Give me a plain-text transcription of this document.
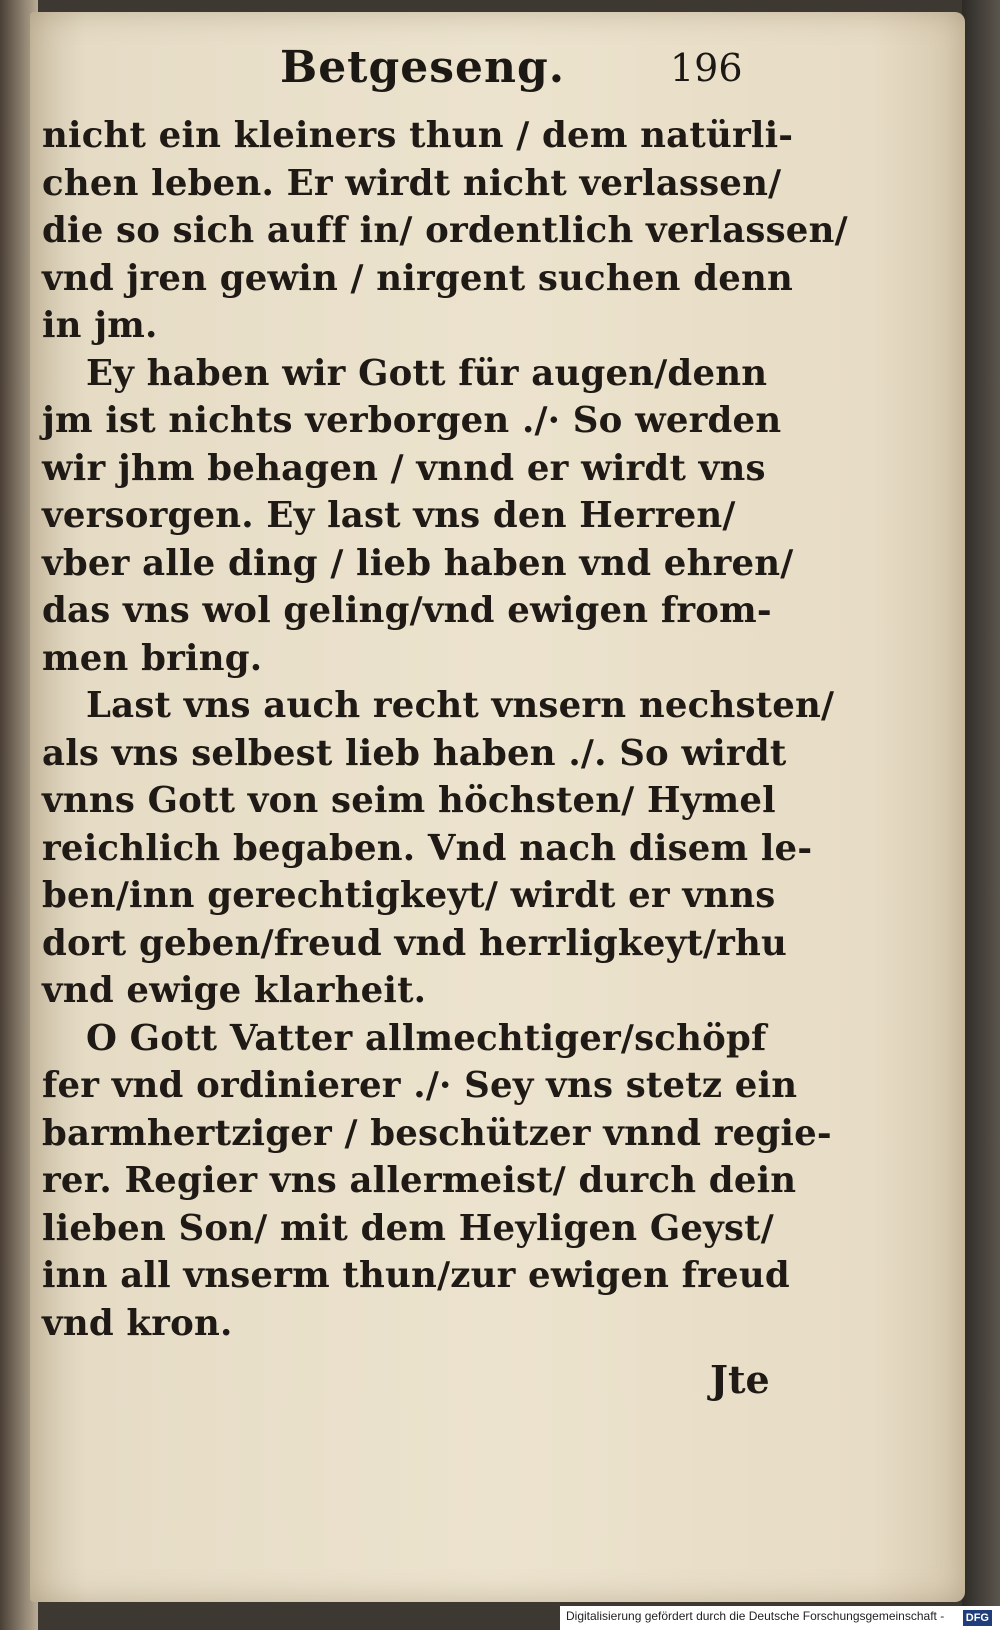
Betgeseng.	196
nicht ein kleiners thun / dem natürli-
chen leben. Er wirdt nicht verlassen/
die so sich auff in/ ordentlich verlassen/
vnd jren gewin / nirgent suchen denn
in jm.
Ey haben wir Gott für augen/denn
jm ist nichts verborgen ./· So werden
wir jhm behagen / vnnd er wirdt vns
versorgen. Ey last vns den Herren/
vber alle ding / lieb haben vnd ehren/
das vns wol geling/vnd ewigen from-
men bring.
Last vns auch recht vnsern nechsten/
als vns selbest lieb haben ./. So wirdt
vnns Gott von seim höchsten/ Hymel
reichlich begaben. Vnd nach disem le-
ben/inn gerechtigkeyt/ wirdt er vnns
dort geben/freud vnd herrligkeyt/rhu
vnd ewige klarheit.
O Gott Vatter allmechtiger/schöpf
fer vnd ordinierer ./· Sey vns stetz ein
barmhertziger / beschützer vnnd regie-
rer. Regier vns allermeist/ durch dein
lieben Son/ mit dem Heyligen Geyst/
inn all vnserm thun/zur ewigen freud
vnd kron.
Jte
Digitalisierung gefördert durch die Deutsche Forschungsgemeinschaft - DFG
